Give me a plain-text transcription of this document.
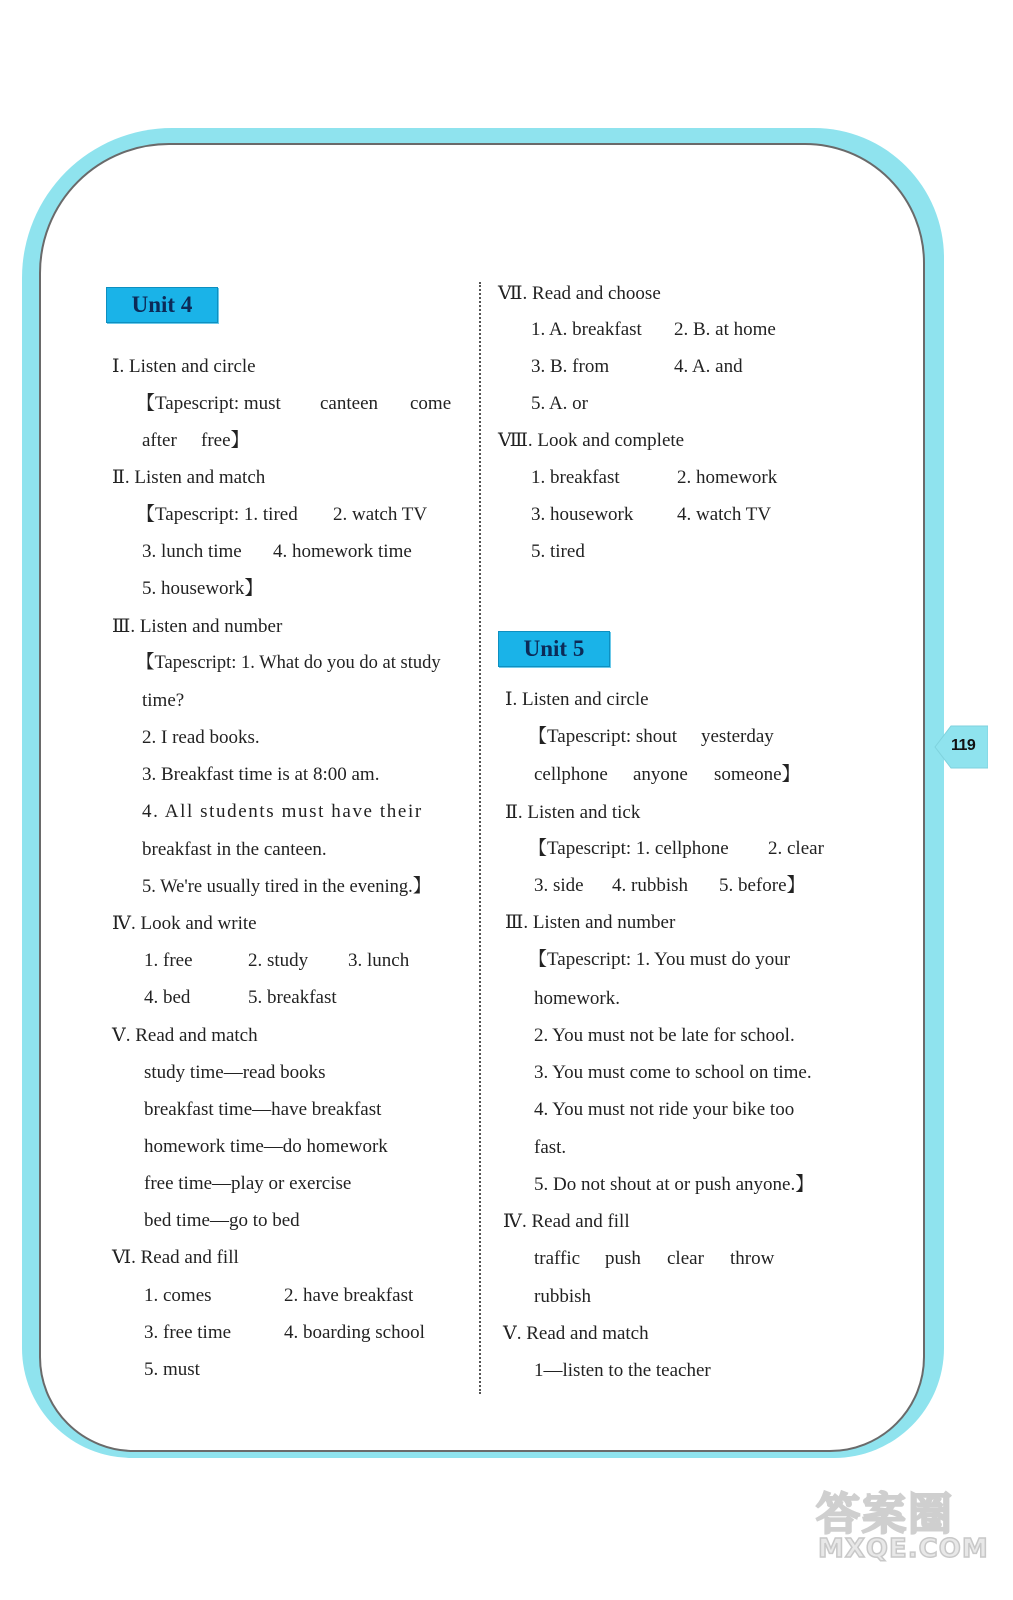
Unit 4
Ⅰ. Listen and circle
【Tapescript: must canteen come
after free】
Ⅱ. Listen and match
【Tapescript: 1. tired 2. watch TV
3. lunch time 4. homework time
5. housework】
Ⅲ. Listen and number
【Tapescript: 1. What do you do at study
time?
2. I read books.
3. Breakfast time is at 8:00 am.
4. All students must have their
breakfast in the canteen.
5. We're usually tired in the evening.】
Ⅳ. Look and write
1. free	2. study 3. lunch
4. bed	5. breakfast
Ⅴ. Read and match
study time—read books
breakfast time—have breakfast
homework time—do homework
free time—play or exercise
bed time—go to bed
Ⅵ. Read and fill
1. comes	2. have breakfast
3. free time	4. boarding school
5. must
Ⅶ. Read and choose
1. A. breakfast 2. B. at home
3. B. from	4. A. and
5. A. or
Ⅷ. Look and complete
1. breakfast	2. homework
3. housework 4. watch TV
5. tired
Unit 5
Ⅰ. Listen and circle
【Tapescript: shout yesterday
cellphone anyone someone】
Ⅱ. Listen and tick
【Tapescript: 1. cellphone 2. clear
3. side 4. rubbish 5. before】
Ⅲ. Listen and number
【Tapescript: 1. You must do your
homework.
2. You must not be late for school.
3. You must come to school on time.
4. You must not ride your bike too
fast.
5. Do not shout at or push anyone.】
Ⅳ. Read and fill
traffic push clear throw
rubbish
Ⅴ. Read and match
1—listen to the teacher
119
答案圈
MXQE.COM
